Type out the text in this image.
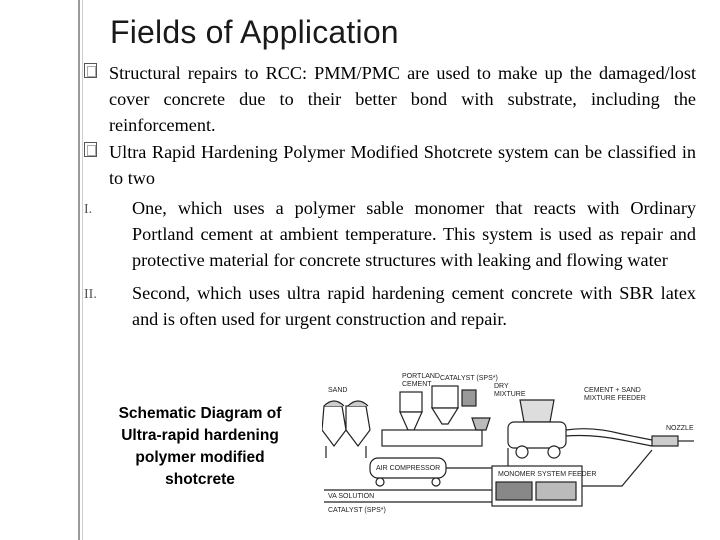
Fields of Application

Structural repairs to RCC: PMM/PMC are used to make up the damaged/lost cover concrete due to their better bond with substrate, including the reinforcement.

Ultra Rapid Hardening Polymer Modified Shotcrete system can be classified in to two

I. One, which uses a polymer sable monomer that reacts with Ordinary Portland cement at ambient temperature. This system is used as repair and protective material for concrete structures with leaking and flowing water

II. Second, which uses ultra rapid hardening cement concrete with SBR latex and is often used for urgent construction and repair.

Schematic Diagram of Ultra-rapid hardening polymer modified shotcrete
SAND
PORTLAND
CEMENT
CATALYST (SPS*)
DRY
MIXTURE
CEMENT + SAND
MIXTURE FEEDER
NOZZLE
AIR COMPRESSOR
MONOMER SYSTEM FEEDER
VA SOLUTION
CATALYST (SPS*)
